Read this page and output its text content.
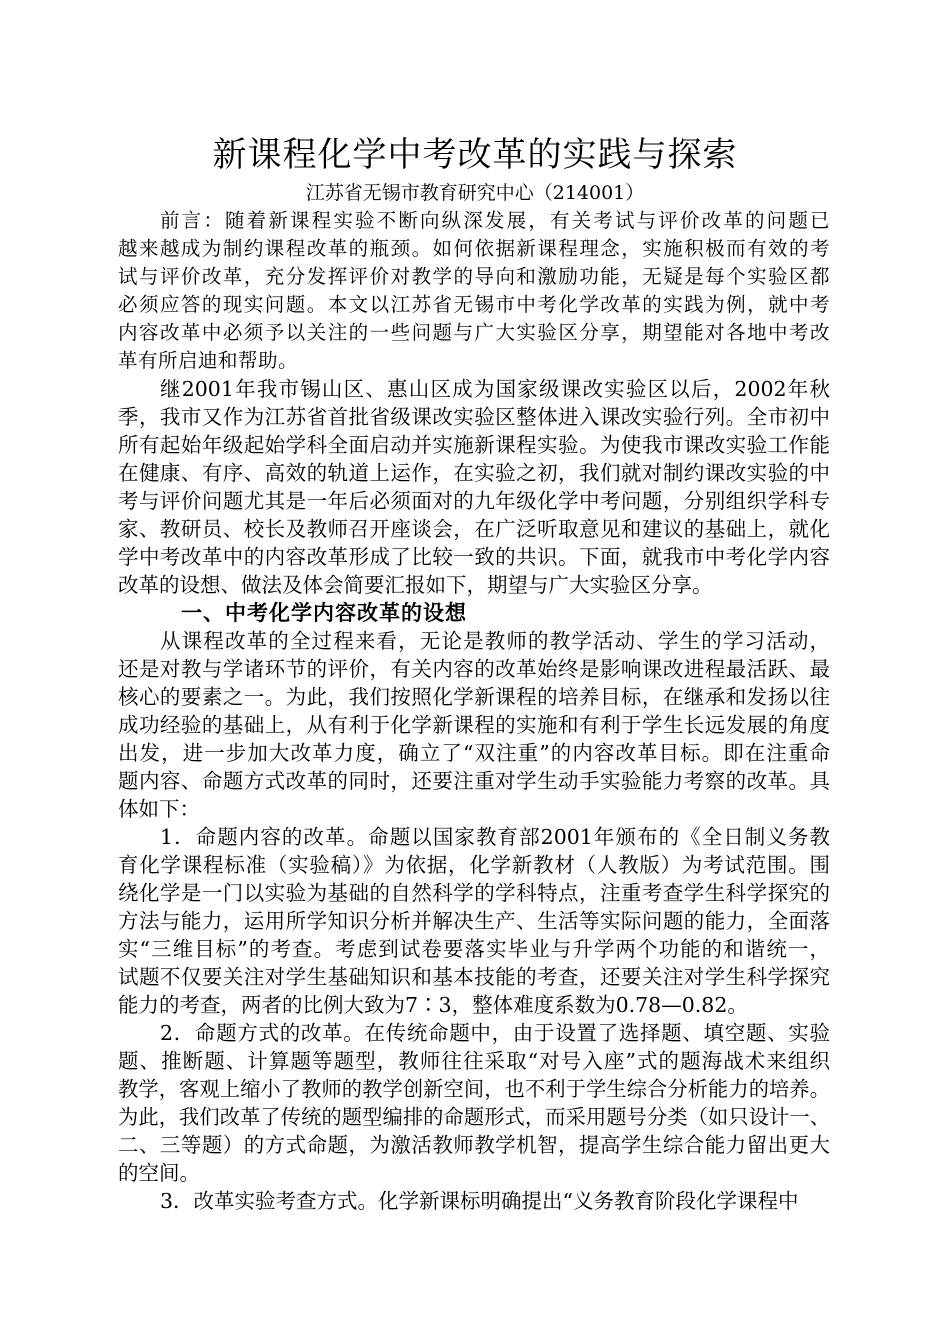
新课程化学中考改革的实践与探索
江苏省无锡市教育研究中心（214001）
前言：随着新课程实验不断向纵深发展，有关考试与评价改革的问题已
越来越成为制约课程改革的瓶颈。如何依据新课程理念，实施积极而有效的考
试与评价改革，充分发挥评价对教学的导向和激励功能，无疑是每个实验区都
必须应答的现实问题。本文以江苏省无锡市中考化学改革的实践为例，就中考
内容改革中必须予以关注的一些问题与广大实验区分享，期望能对各地中考改
革有所启迪和帮助。
继2001年我市锡山区、惠山区成为国家级课改实验区以后，2002年秋
季，我市又作为江苏省首批省级课改实验区整体进入课改实验行列。全市初中
所有起始年级起始学科全面启动并实施新课程实验。为使我市课改实验工作能
在健康、有序、高效的轨道上运作，在实验之初，我们就对制约课改实验的中
考与评价问题尤其是一年后必须面对的九年级化学中考问题，分别组织学科专
家、教研员、校长及教师召开座谈会，在广泛听取意见和建议的基础上，就化
学中考改革中的内容改革形成了比较一致的共识。下面，就我市中考化学内容
改革的设想、做法及体会简要汇报如下，期望与广大实验区分享。
一、中考化学内容改革的设想
从课程改革的全过程来看，无论是教师的教学活动、学生的学习活动，
还是对教与学诸环节的评价，有关内容的改革始终是影响课改进程最活跃、最
核心的要素之一。为此，我们按照化学新课程的培养目标，在继承和发扬以往
成功经验的基础上，从有利于化学新课程的实施和有利于学生长远发展的角度
出发，进一步加大改革力度，确立了“双注重”的内容改革目标。即在注重命
题内容、命题方式改革的同时，还要注重对学生动手实验能力考察的改革。具
体如下：
1．命题内容的改革。命题以国家教育部2001年颁布的《全日制义务教
育化学课程标准（实验稿）》为依据，化学新教材（人教版）为考试范围。围
绕化学是一门以实验为基础的自然科学的学科特点，注重考查学生科学探究的
方法与能力，运用所学知识分析并解决生产、生活等实际问题的能力，全面落
实“三维目标”的考查。考虑到试卷要落实毕业与升学两个功能的和谐统一，
试题不仅要关注对学生基础知识和基本技能的考查，还要关注对学生科学探究
能力的考查，两者的比例大致为7∶3，整体难度系数为0.78—0.82。
2．命题方式的改革。在传统命题中，由于设置了选择题、填空题、实验
题、推断题、计算题等题型，教师往往采取“对号入座”式的题海战术来组织
教学，客观上缩小了教师的教学创新空间，也不利于学生综合分析能力的培养。
为此，我们改革了传统的题型编排的命题形式，而采用题号分类（如只设计一、
二、三等题）的方式命题，为激活教师教学机智，提高学生综合能力留出更大
的空间。
3．改革实验考查方式。化学新课标明确提出“义务教育阶段化学课程中
